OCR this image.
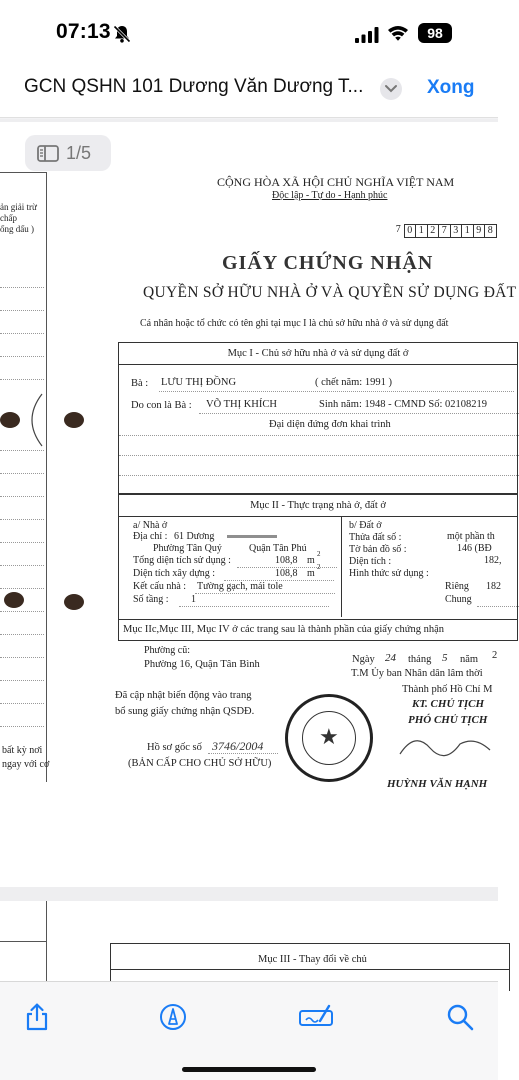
07:13	98
GCN QSHN 101 Dương Văn Dương T...	Xong
1/5
ản giải trừ
chấp
ống dấu )
bất kỳ nơi
ngay với cơ
CỘNG HÒA XÃ HỘI CHỦ NGHĨA VIỆT NAM
Độc lập - Tự do - Hạnh phúc
7 0 1 2 7 3 1 9 8
GIẤY CHỨNG NHẬN
QUYỀN SỞ HỮU NHÀ Ở VÀ QUYỀN SỬ DỤNG ĐẤT
Cá nhân hoặc tổ chức có tên ghi tại mục I là chủ sở hữu nhà ở và sử dụng đất
Mục I - Chủ sở hữu nhà ở và sử dụng đất ở
Bà : LƯU THỊ ĐỒNG	( chết năm: 1991 )
Do con là Bà : VÕ THỊ KHÍCH	Sinh năm: 1948 - CMND Số: 02108219
Đại diện đứng đơn khai trình
Mục II - Thực trạng nhà ở, đất ở
a/ Nhà ở
Địa chỉ : 61 Dương
Phường Tân Quý	Quận Tân Phú
Tổng diện tích sử dụng :	108,8 m
2
Diện tích xây dựng :	108,8 m
2
Kết cấu nhà : Tường gạch, mái tole
Số tầng : 1
b/ Đất ở
Thửa đất số :	một phần th
Tờ bản đồ số :	146 (BĐ
Diện tích :	182,
Hình thức sử dụng :
Riêng 182
Chung
Mục IIc,Mục III, Mục IV ở các trang sau là thành phần của giấy chứng nhận
Phường cũ:
Phường 16, Quận Tân Bình
Đã cập nhật biến động vào trang
bổ sung giấy chứng nhận QSDĐ.
Hồ sơ gốc số 3746/2004
(BẢN CẤP CHO CHỦ SỞ HỮU)
Ngày 24 tháng 5 năm 2
T.M Ủy ban Nhân dân lâm thời
Thành phố Hồ Chí M
KT. CHỦ TỊCH
PHÓ CHỦ TỊCH
HUỲNH VĂN HẠNH
★
Mục III - Thay đổi về chủ
